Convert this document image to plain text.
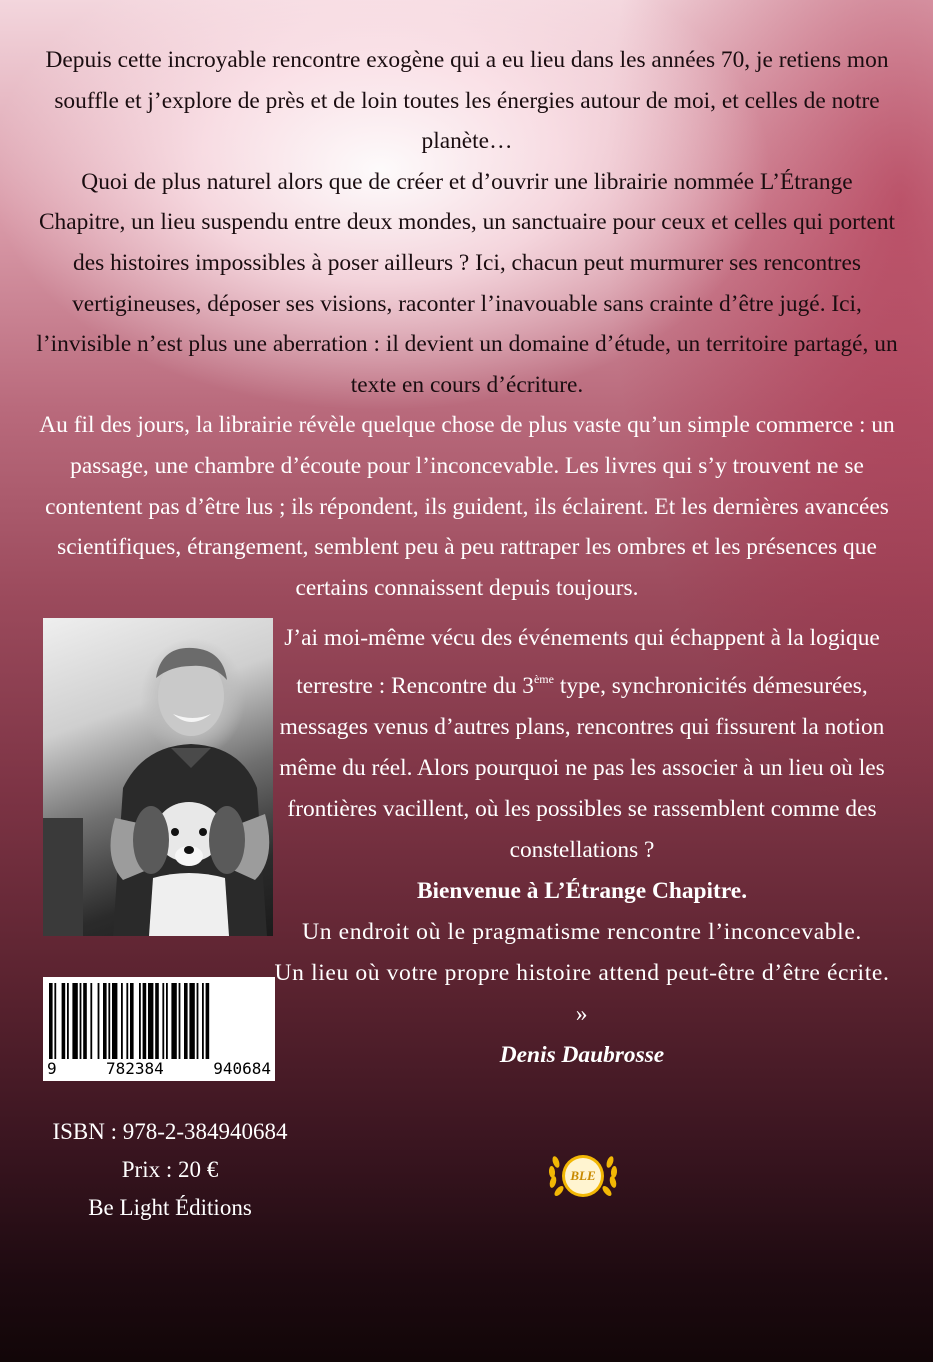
Depuis cette incroyable rencontre exogène qui a eu lieu dans les années 70, je retiens mon souffle et j’explore de près et de loin toutes les énergies autour de moi, et celles de notre planète…

Quoi de plus naturel alors que de créer et d’ouvrir une librairie nommée L’Étrange Chapitre, un lieu suspendu entre deux mondes, un sanctuaire pour ceux et celles qui portent des histoires impossibles à poser ailleurs ? Ici, chacun peut murmurer ses rencontres vertigineuses, déposer ses visions, raconter l’inavouable sans crainte d’être jugé. Ici, l’invisible n’est plus une aberration : il devient un domaine d’étude, un territoire partagé, un texte en cours d’écriture.

Au fil des jours, la librairie révèle quelque chose de plus vaste qu’un simple commerce : un passage, une chambre d’écoute pour l’inconcevable. Les livres qui s’y trouvent ne se contentent pas d’être lus ; ils répondent, ils guident, ils éclairent. Et les dernières avancées scientifiques, étrangement, semblent peu à peu rattraper les ombres et les présences que certains connaissent depuis toujours.

J’ai moi-même vécu des événements qui échappent à la logique terrestre : Rencontre du 3ème type, synchronicités démesurées, messages venus d’autres plans, rencontres qui fissurent la notion même du réel. Alors pourquoi ne pas les associer à un lieu où les frontières vacillent, où les possibles se rassemblent comme des constellations ?

Bienvenue à L’Étrange Chapitre.

Un endroit où le pragmatisme rencontre l’inconcevable.

Un lieu où votre propre histoire attend peut-être d’être écrite. »

Denis Daubrosse

9	782384	940684
ISBN : 978-2-384940684
Prix : 20 €
Be Light Éditions
BLE
